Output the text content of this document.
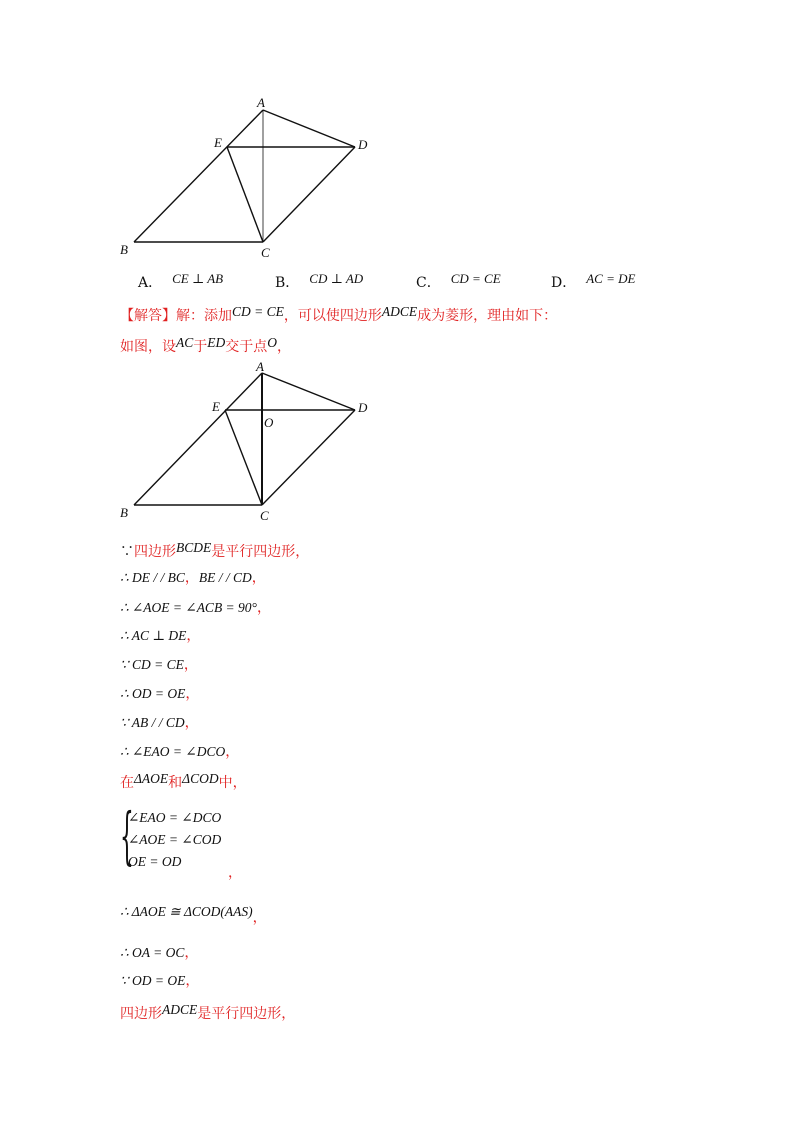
A
E	D
B	C
A． CE ⊥ AB	B． CD ⊥ AD	C． CD = CE	D． AC = DE
【解答】解：添加CD = CE，可以使四边形ADCE成为菱形，理由如下：
如图，设AC于ED交于点O，
A
E
O
D
B	C
∵四边形BCDE是平行四边形，
∴ DE / / BC，BE / / CD，
∴ ∠AOE = ∠ACB = 90°，
∴ AC ⊥ DE，
∵ CD = CE，
∴ OD = OE，
∵ AB / / CD，
∴ ∠EAO = ∠DCO，
在ΔAOE和ΔCOD中，
{
∠EAO = ∠DCO
∠AOE = ∠COD
OE = OD
，
∴ ΔAOE ≅ ΔCOD(AAS)，
∴ OA = OC，
∵ OD = OE，
四边形ADCE是平行四边形，
